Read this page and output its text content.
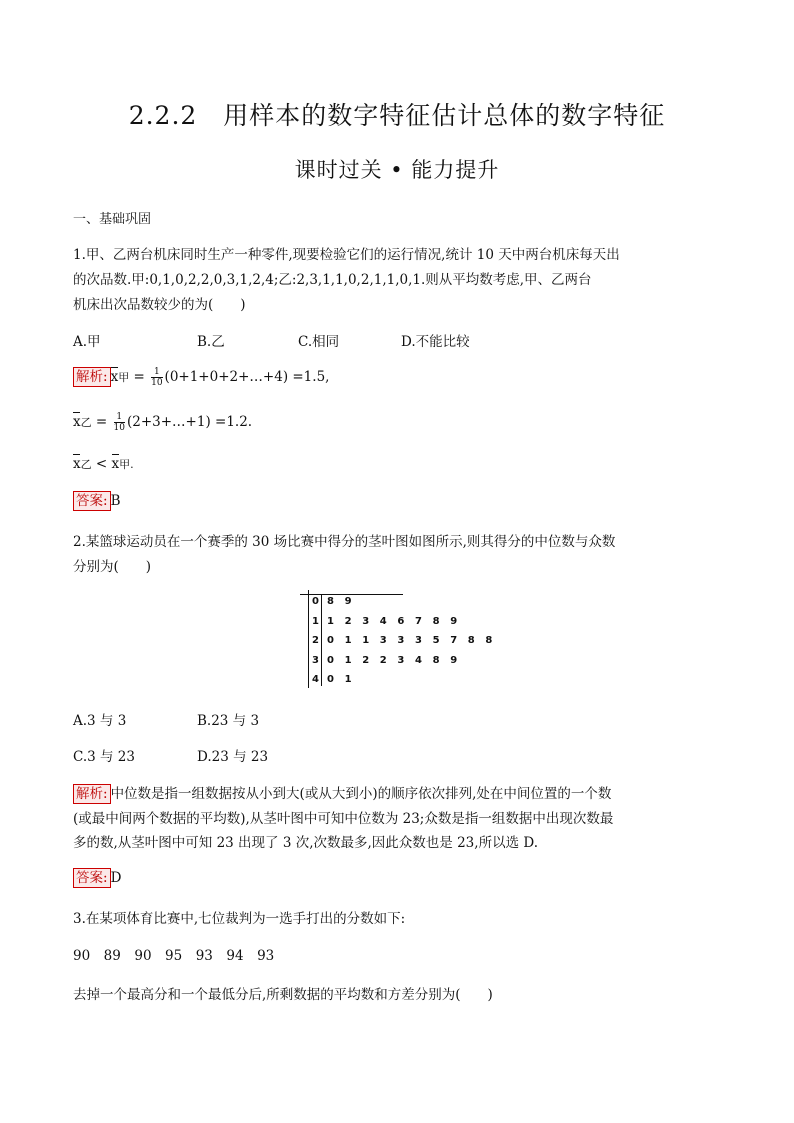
2.2.2　用样本的数字特征估计总体的数字特征
课时过关 • 能力提升
一、基础巩固
1.甲、乙两台机床同时生产一种零件,现要检验它们的运行情况,统计 10 天中两台机床每天出
的次品数.甲:0,1,0,2,2,0,3,1,2,4;乙:2,3,1,1,0,2,1,1,0,1.则从平均数考虑,甲、乙两台
机床出次品数较少的为(　　)
A.甲	B.乙	C.相同	D.不能比较
解析: x甲 = $\frac{1}{10}$ (0+1+0+2+…+4) =1.5,
x乙 = $\frac{1}{10}$ (2+3+…+1) =1.2.
x乙 < x甲.
答案: B
2.某篮球运动员在一个赛季的 30 场比赛中得分的茎叶图如图所示,则其得分的中位数与众数
分别为(　　)
0 8 9
1 1 2 3 4 6 7 8 9
2 0 1 1 3 3 3 5 7 8 8
3 0 1 2 2 3 4 8 9
4 0 1
A.3 与 3	B.23 与 3
C.3 与 23	D.23 与 23
解析: 中位数是指一组数据按从小到大(或从大到小)的顺序依次排列,处在中间位置的一个数
(或最中间两个数据的平均数),从茎叶图中可知中位数为 23;众数是指一组数据中出现次数最
多的数,从茎叶图中可知 23 出现了 3 次,次数最多,因此众数也是 23,所以选 D.
答案: D
3.在某项体育比赛中,七位裁判为一选手打出的分数如下:
90　89　90　95　93　94　93
去掉一个最高分和一个最低分后,所剩数据的平均数和方差分别为(　　)
